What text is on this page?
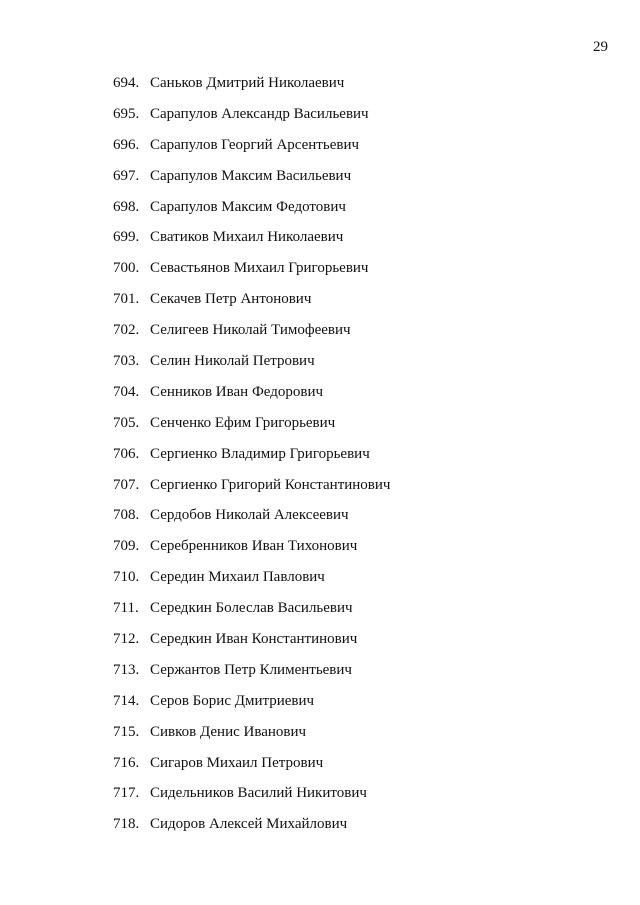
29
694. Саньков Дмитрий Николаевич
695. Сарапулов Александр Васильевич
696. Сарапулов Георгий Арсентьевич
697. Сарапулов Максим Васильевич
698. Сарапулов Максим Федотович
699. Сватиков Михаил Николаевич
700. Севастьянов Михаил Григорьевич
701. Секачев Петр Антонович
702. Селигеев Николай Тимофеевич
703. Селин Николай Петрович
704. Сенников Иван Федорович
705. Сенченко Ефим Григорьевич
706. Сергиенко Владимир Григорьевич
707. Сергиенко Григорий Константинович
708. Сердобов Николай Алексеевич
709. Серебренников Иван Тихонович
710. Середин Михаил Павлович
711. Середкин Болеслав Васильевич
712. Середкин Иван Константинович
713. Сержантов Петр Климентьевич
714. Серов Борис Дмитриевич
715. Сивков Денис Иванович
716. Сигаров Михаил Петрович
717. Сидельников Василий Никитович
718. Сидоров Алексей Михайлович
